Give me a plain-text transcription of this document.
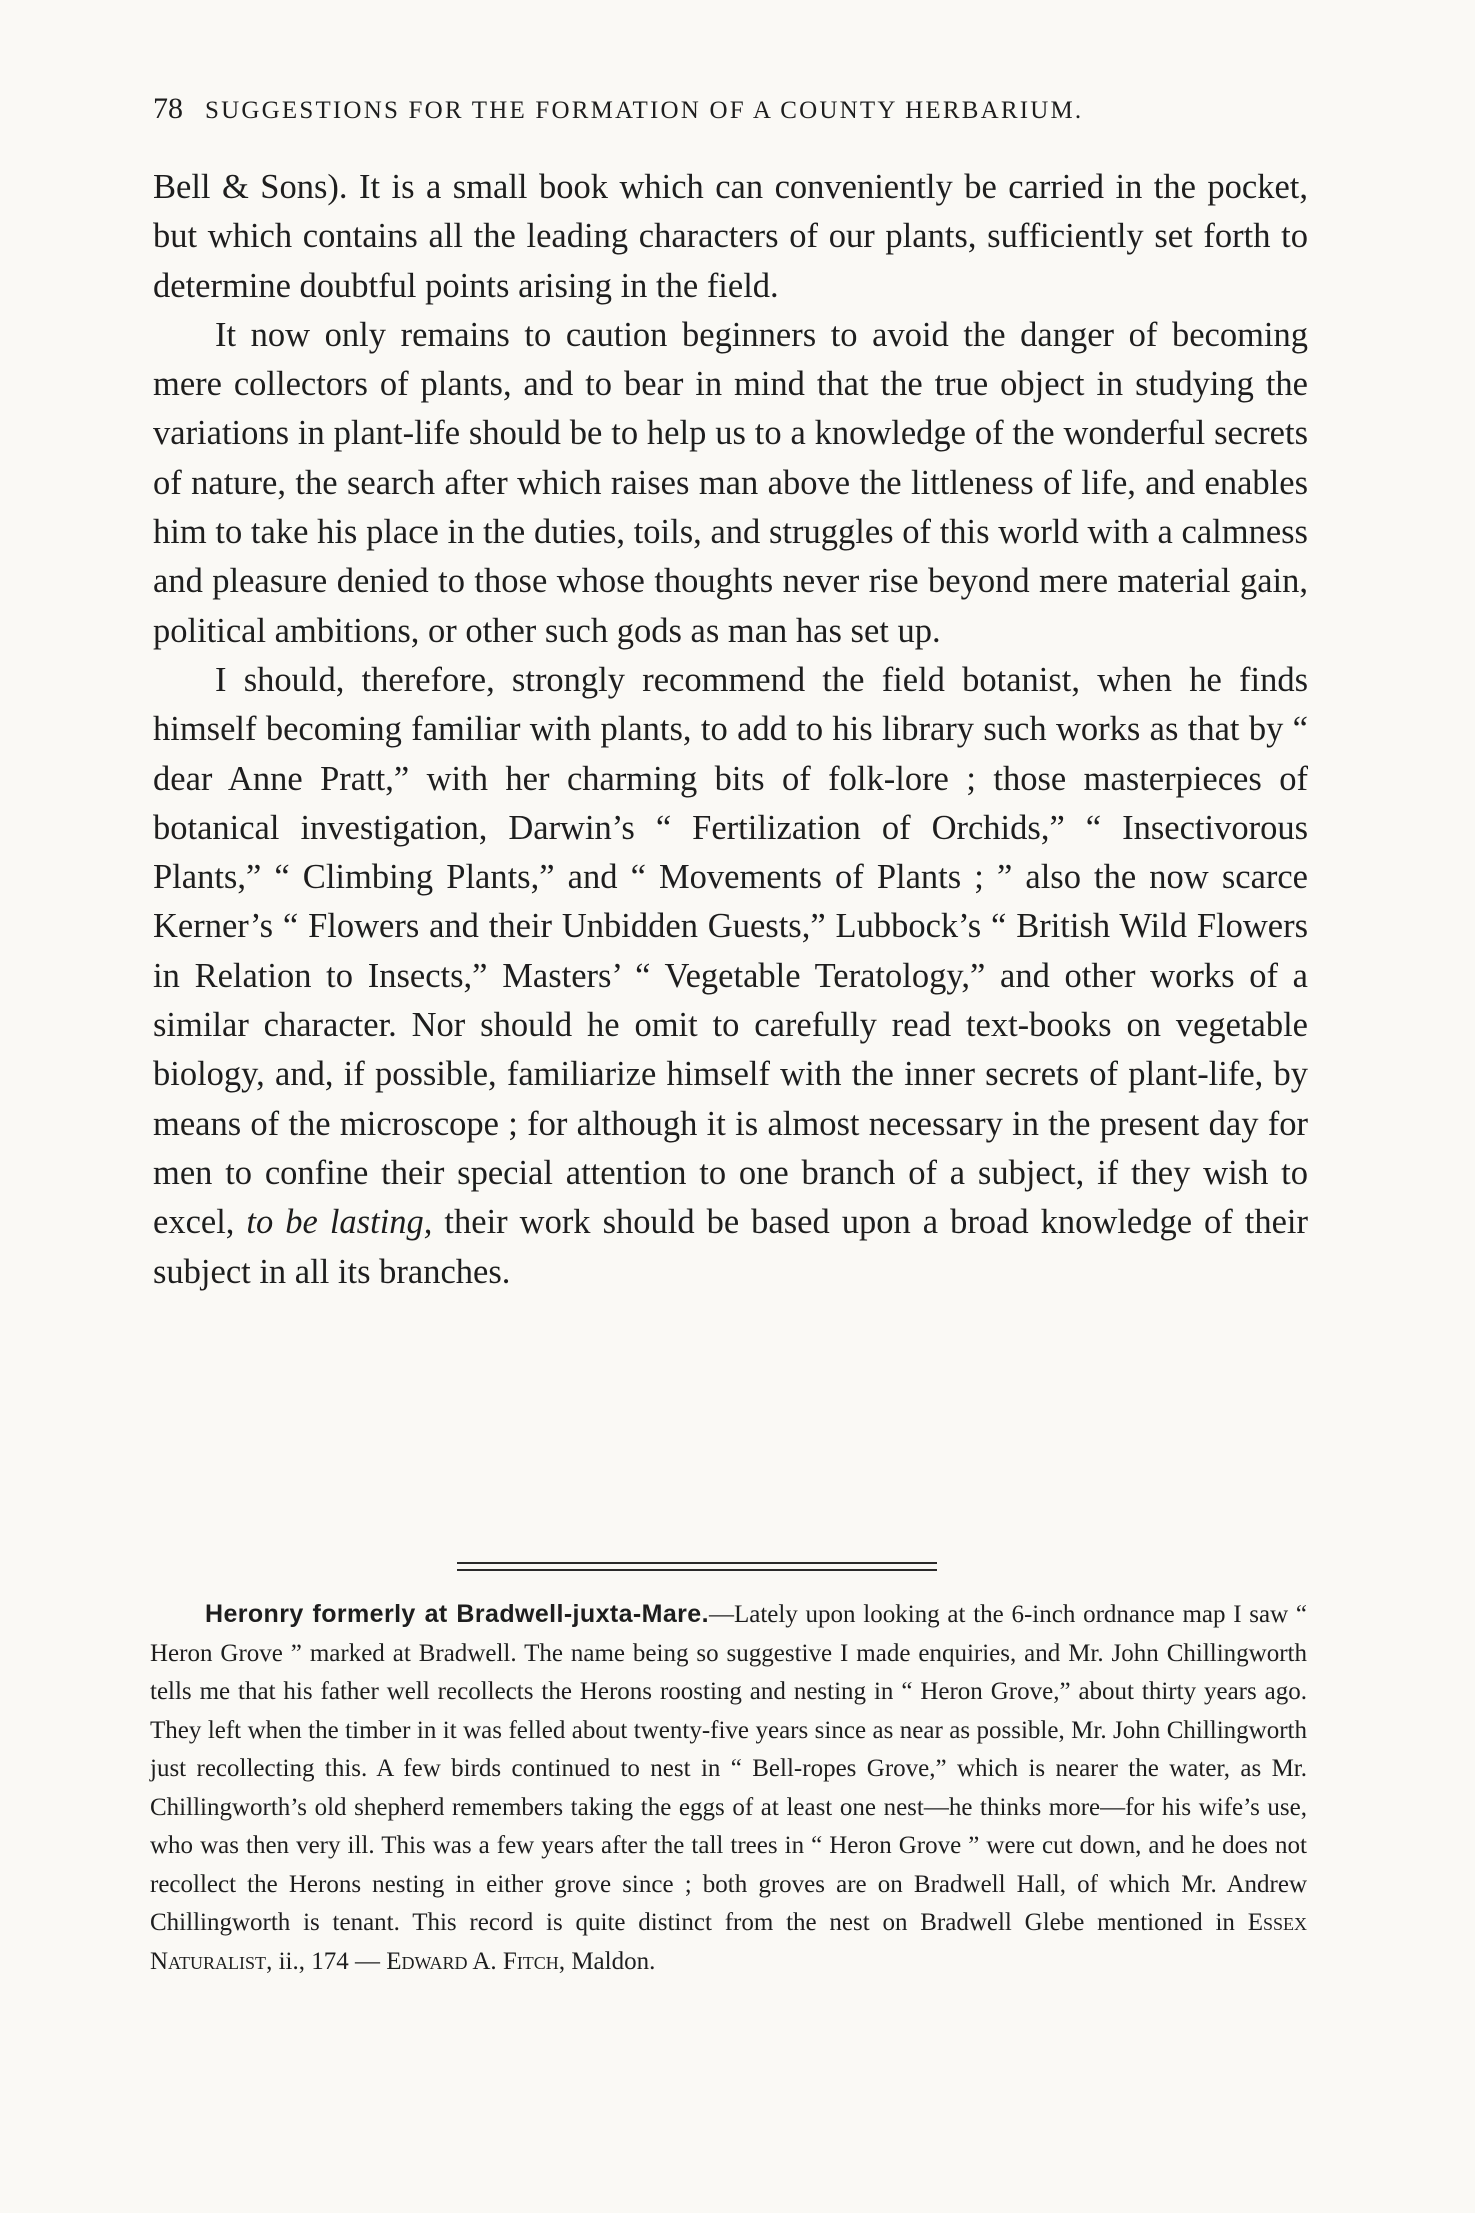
78 SUGGESTIONS FOR THE FORMATION OF A COUNTY HERBARIUM.

Bell & Sons). It is a small book which can conveniently be carried in the pocket, but which contains all the leading characters of our plants, sufficiently set forth to determine doubtful points arising in the field.

It now only remains to caution beginners to avoid the danger of becoming mere collectors of plants, and to bear in mind that the true object in studying the variations in plant-life should be to help us to a knowledge of the wonderful secrets of nature, the search after which raises man above the littleness of life, and enables him to take his place in the duties, toils, and struggles of this world with a calmness and pleasure denied to those whose thoughts never rise beyond mere material gain, political ambitions, or other such gods as man has set up.

I should, therefore, strongly recommend the field botanist, when he finds himself becoming familiar with plants, to add to his library such works as that by “ dear Anne Pratt,” with her charming bits of folk-lore ; those masterpieces of botanical investigation, Darwin’s “ Fertilization of Orchids,” “ Insectivorous Plants,” “ Climbing Plants,” and “ Movements of Plants ; ” also the now scarce Kerner’s “ Flowers and their Unbidden Guests,” Lubbock’s “ British Wild Flowers in Relation to Insects,” Masters’ “ Vegetable Teratology,” and other works of a similar character. Nor should he omit to carefully read text-books on vegetable biology, and, if possible, familiarize himself with the inner secrets of plant-life, by means of the microscope ; for although it is almost necessary in the present day for men to confine their special attention to one branch of a subject, if they wish to excel, to be lasting, their work should be based upon a broad knowledge of their subject in all its branches.

Heronry formerly at Bradwell-juxta-Mare.—Lately upon looking at the 6-inch ordnance map I saw “ Heron Grove ” marked at Bradwell. The name being so suggestive I made enquiries, and Mr. John Chillingworth tells me that his father well recollects the Herons roosting and nesting in “ Heron Grove,” about thirty years ago. They left when the timber in it was felled about twenty-five years since as near as possible, Mr. John Chillingworth just recollecting this. A few birds continued to nest in “ Bell-ropes Grove,” which is nearer the water, as Mr. Chillingworth’s old shepherd remembers taking the eggs of at least one nest—he thinks more—for his wife’s use, who was then very ill. This was a few years after the tall trees in “ Heron Grove ” were cut down, and he does not recollect the Herons nesting in either grove since ; both groves are on Bradwell Hall, of which Mr. Andrew Chillingworth is tenant. This record is quite distinct from the nest on Bradwell Glebe mentioned in Essex Naturalist, ii., 174 — Edward A. Fitch, Maldon.
